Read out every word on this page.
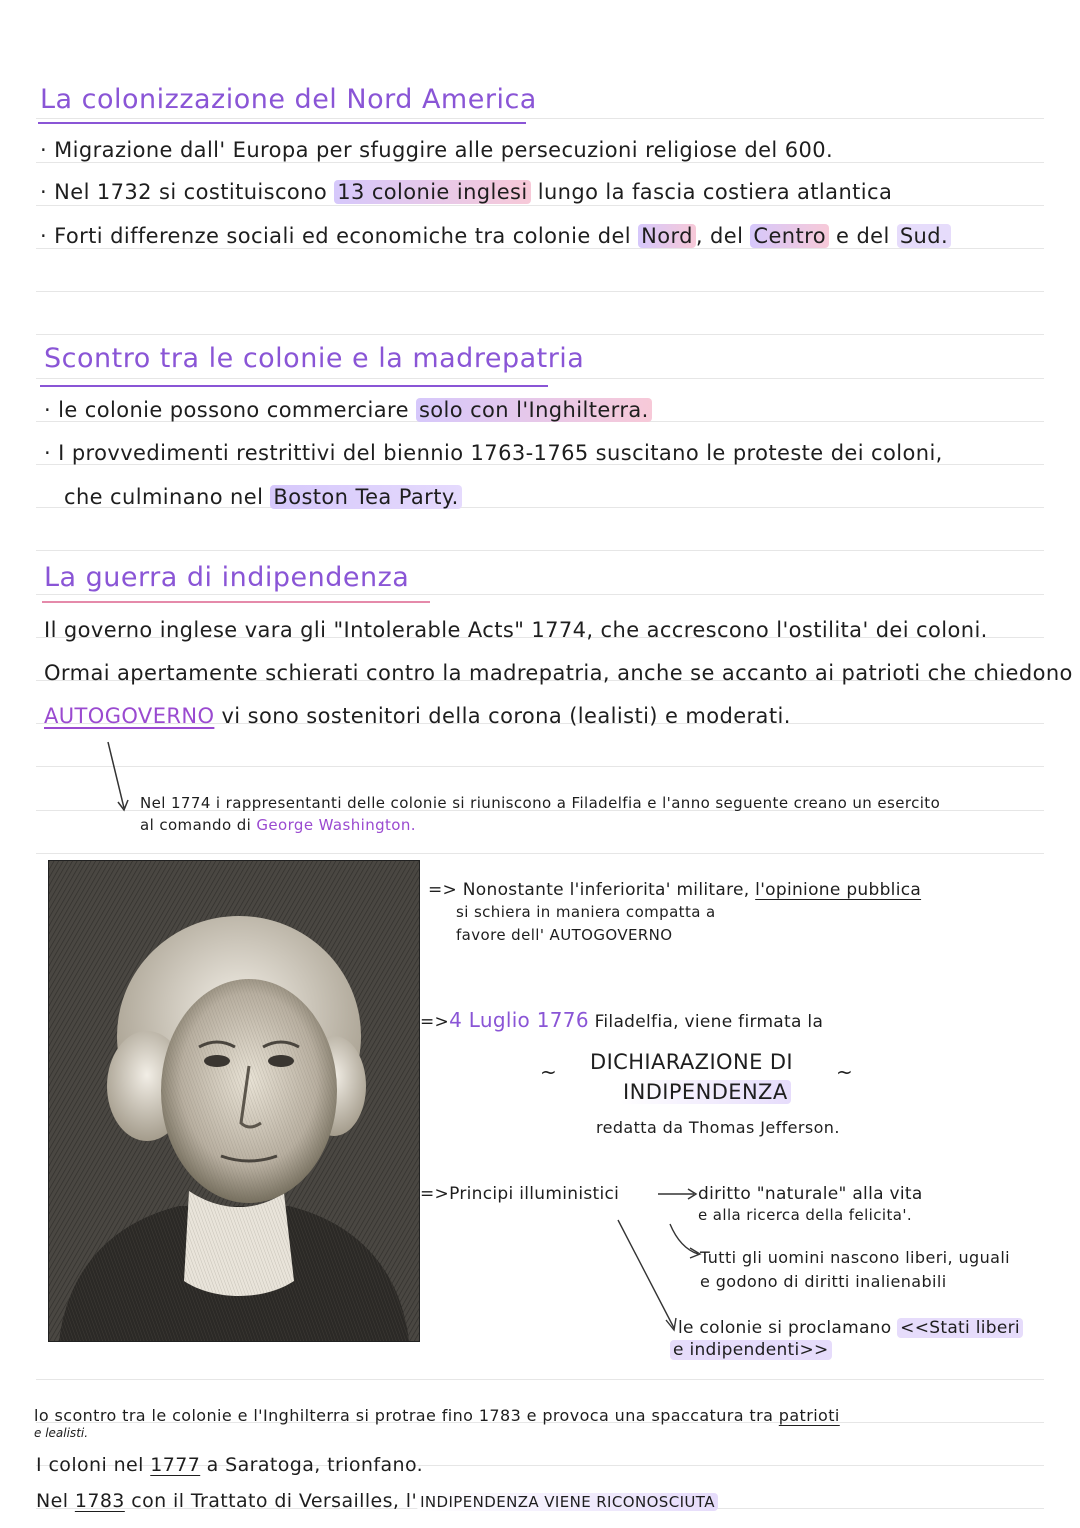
La colonizzazione del Nord America
· Migrazione dall' Europa per sfuggire alle persecuzioni religiose del 600.
· Nel 1732 si costituiscono 13 colonie inglesi lungo la fascia costiera atlantica
· Forti differenze sociali ed economiche tra colonie del Nord , del Centro e del Sud.
Scontro tra le colonie e la madrepatria
· le colonie possono commerciare solo con l'Inghilterra.
· I provvedimenti restrittivi del biennio 1763-1765 suscitano le proteste dei coloni,
che culminano nel Boston Tea Party.
La guerra di indipendenza
Il governo inglese vara gli "Intolerable Acts" 1774, che accrescono l'ostilita' dei coloni.
Ormai apertamente schierati contro la madrepatria, anche se accanto ai patrioti che chiedono
AUTOGOVERNO vi sono sostenitori della corona (lealisti) e moderati.
Nel 1774 i rappresentanti delle colonie si riuniscono a Filadelfia e l'anno seguente creano un esercito
al comando di George Washington.
=> Nonostante l'inferiorita' militare, l'opinione pubblica
si schiera in maniera compatta a
favore dell' AUTOGOVERNO
=>4 Luglio 1776 Filadelfia, viene firmata la
~	~
DICHIARAZIONE DI
INDIPENDENZA
redatta da Thomas Jefferson.
=>Principi illuministici	diritto "naturale" alla vita
e alla ricerca della felicita'.
Tutti gli uomini nascono liberi, uguali
e godono di diritti inalienabili
le colonie si proclamano <<Stati liberi
e indipendenti>>
lo scontro tra le colonie e l'Inghilterra si protrae fino 1783 e provoca una spaccatura tra patrioti
e lealisti.
I coloni nel 1777 a Saratoga, trionfano.
Nel 1783 con il Trattato di Versailles, l' INDIPENDENZA VIENE RICONOSCIUTA
